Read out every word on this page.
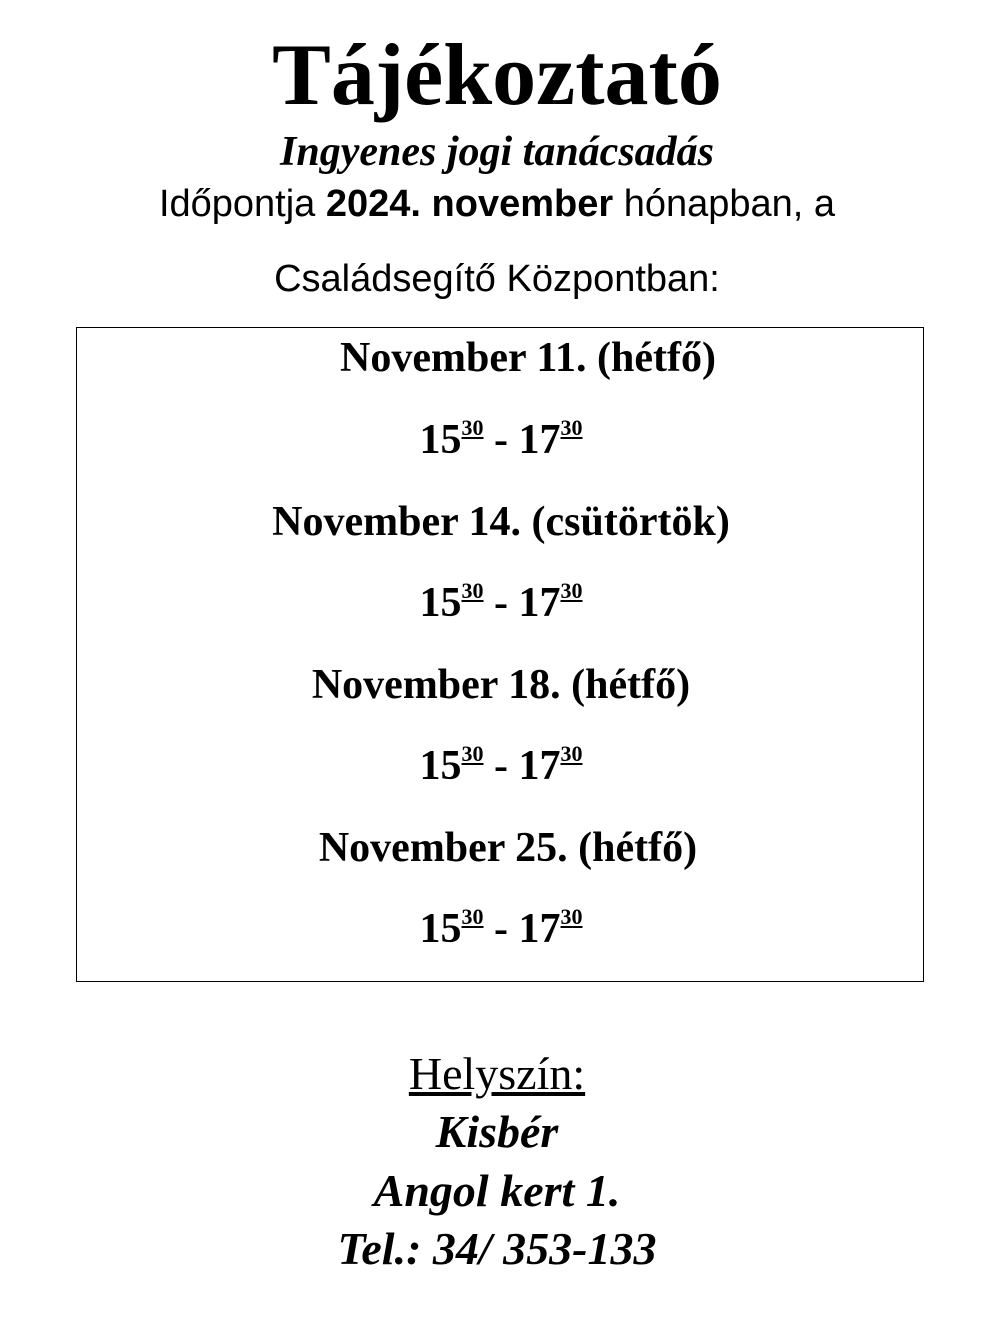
Tájékoztató
Ingyenes jogi tanácsadás
Időpontja 2024. november hónapban, a
Családsegítő Központban:
November 11. (hétfő)
$15^{30} - 17^{30}$
November 14. (csütörtök)
$15^{30} - 17^{30}$
November 18. (hétfő)
$15^{30} - 17^{30}$
November 25. (hétfő)
$15^{30} - 17^{30}$
Helyszín:
Kisbér
Angol kert 1.
Tel.: 34/ 353-133
